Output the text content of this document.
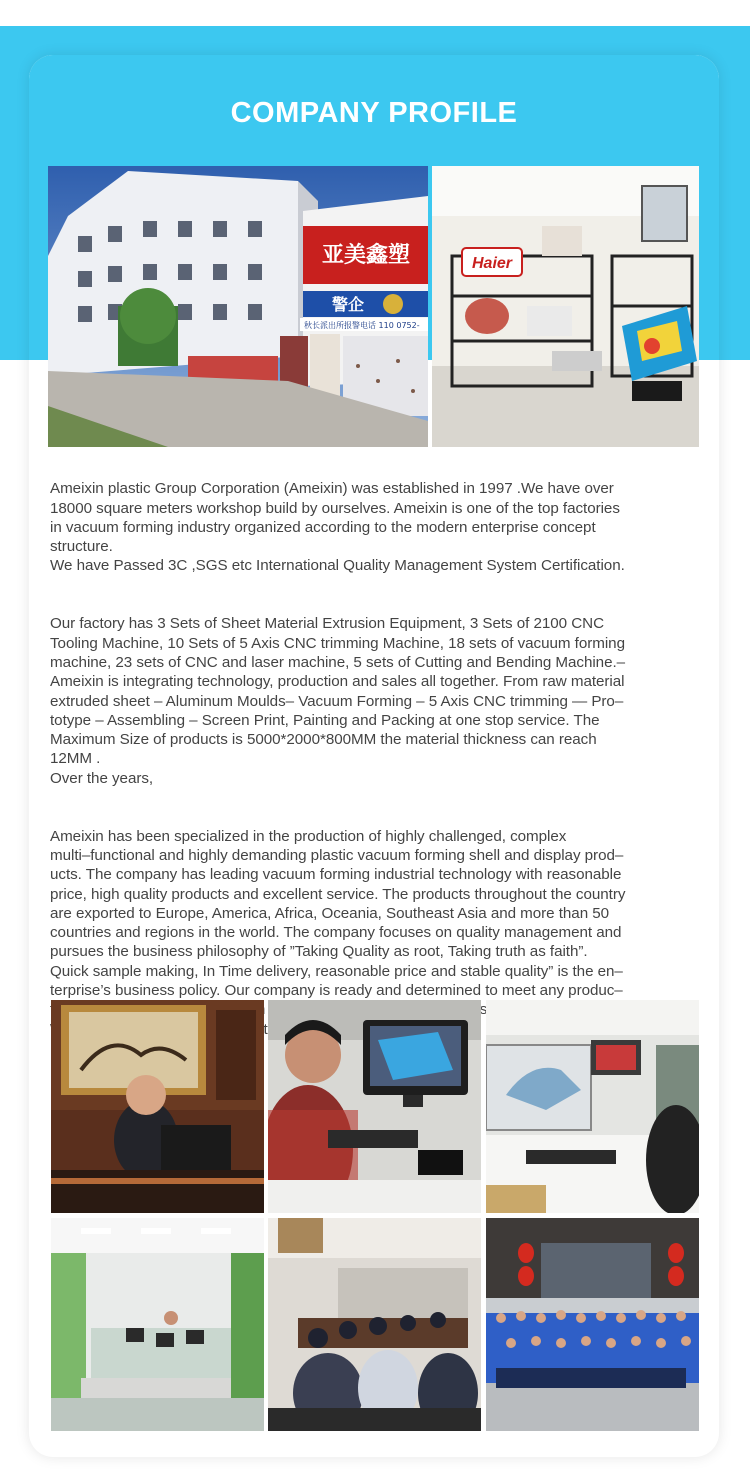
COMPANY PROFILE
亚美鑫塑
警企
秋长派出所报警电话 110 0752-
Haier

Ameixin plastic Group Corporation (Ameixin) was established in 1997 .We have over
18000 square meters workshop build by ourselves. Ameixin is one of the top factories
in vacuum forming industry organized according to the modern enterprise concept
structure.
We have Passed 3C ,SGS etc International Quality Management System Certification.

Our factory has 3 Sets of Sheet Material Extrusion Equipment, 3 Sets of 2100 CNC
Tooling Machine, 10 Sets of 5 Axis CNC trimming Machine, 18 sets of vacuum forming
machine, 23 sets of CNC and laser machine, 5 sets of Cutting and Bending Machine.–
Ameixin is integrating technology, production and sales all together. From raw material
extruded sheet – Aluminum Moulds– Vacuum Forming – 5 Axis CNC trimming — Pro–
totype – Assembling – Screen Print, Painting and Packing at one stop service. The
Maximum Size of products is 5000*2000*800MM the material thickness can reach
12MM .
Over the years,

Ameixin has been specialized in the production of highly challenged, complex
multi–functional and highly demanding plastic vacuum forming shell and display prod–
ucts. The company has leading vacuum forming industrial technology with reasonable
price, high quality products and excellent service. The products throughout the country
are exported to Europe, America, Africa, Oceania, Southeast Asia and more than 50
countries and regions in the world. The company focuses on quality management and
pursues the business philosophy of ”Taking Quality as root, Taking truth as faith”.
Quick sample making, In Time delivery, reasonable price and stable quality” is the en–
terprise’s business policy. Our company is ready and determined to meet any produc–
